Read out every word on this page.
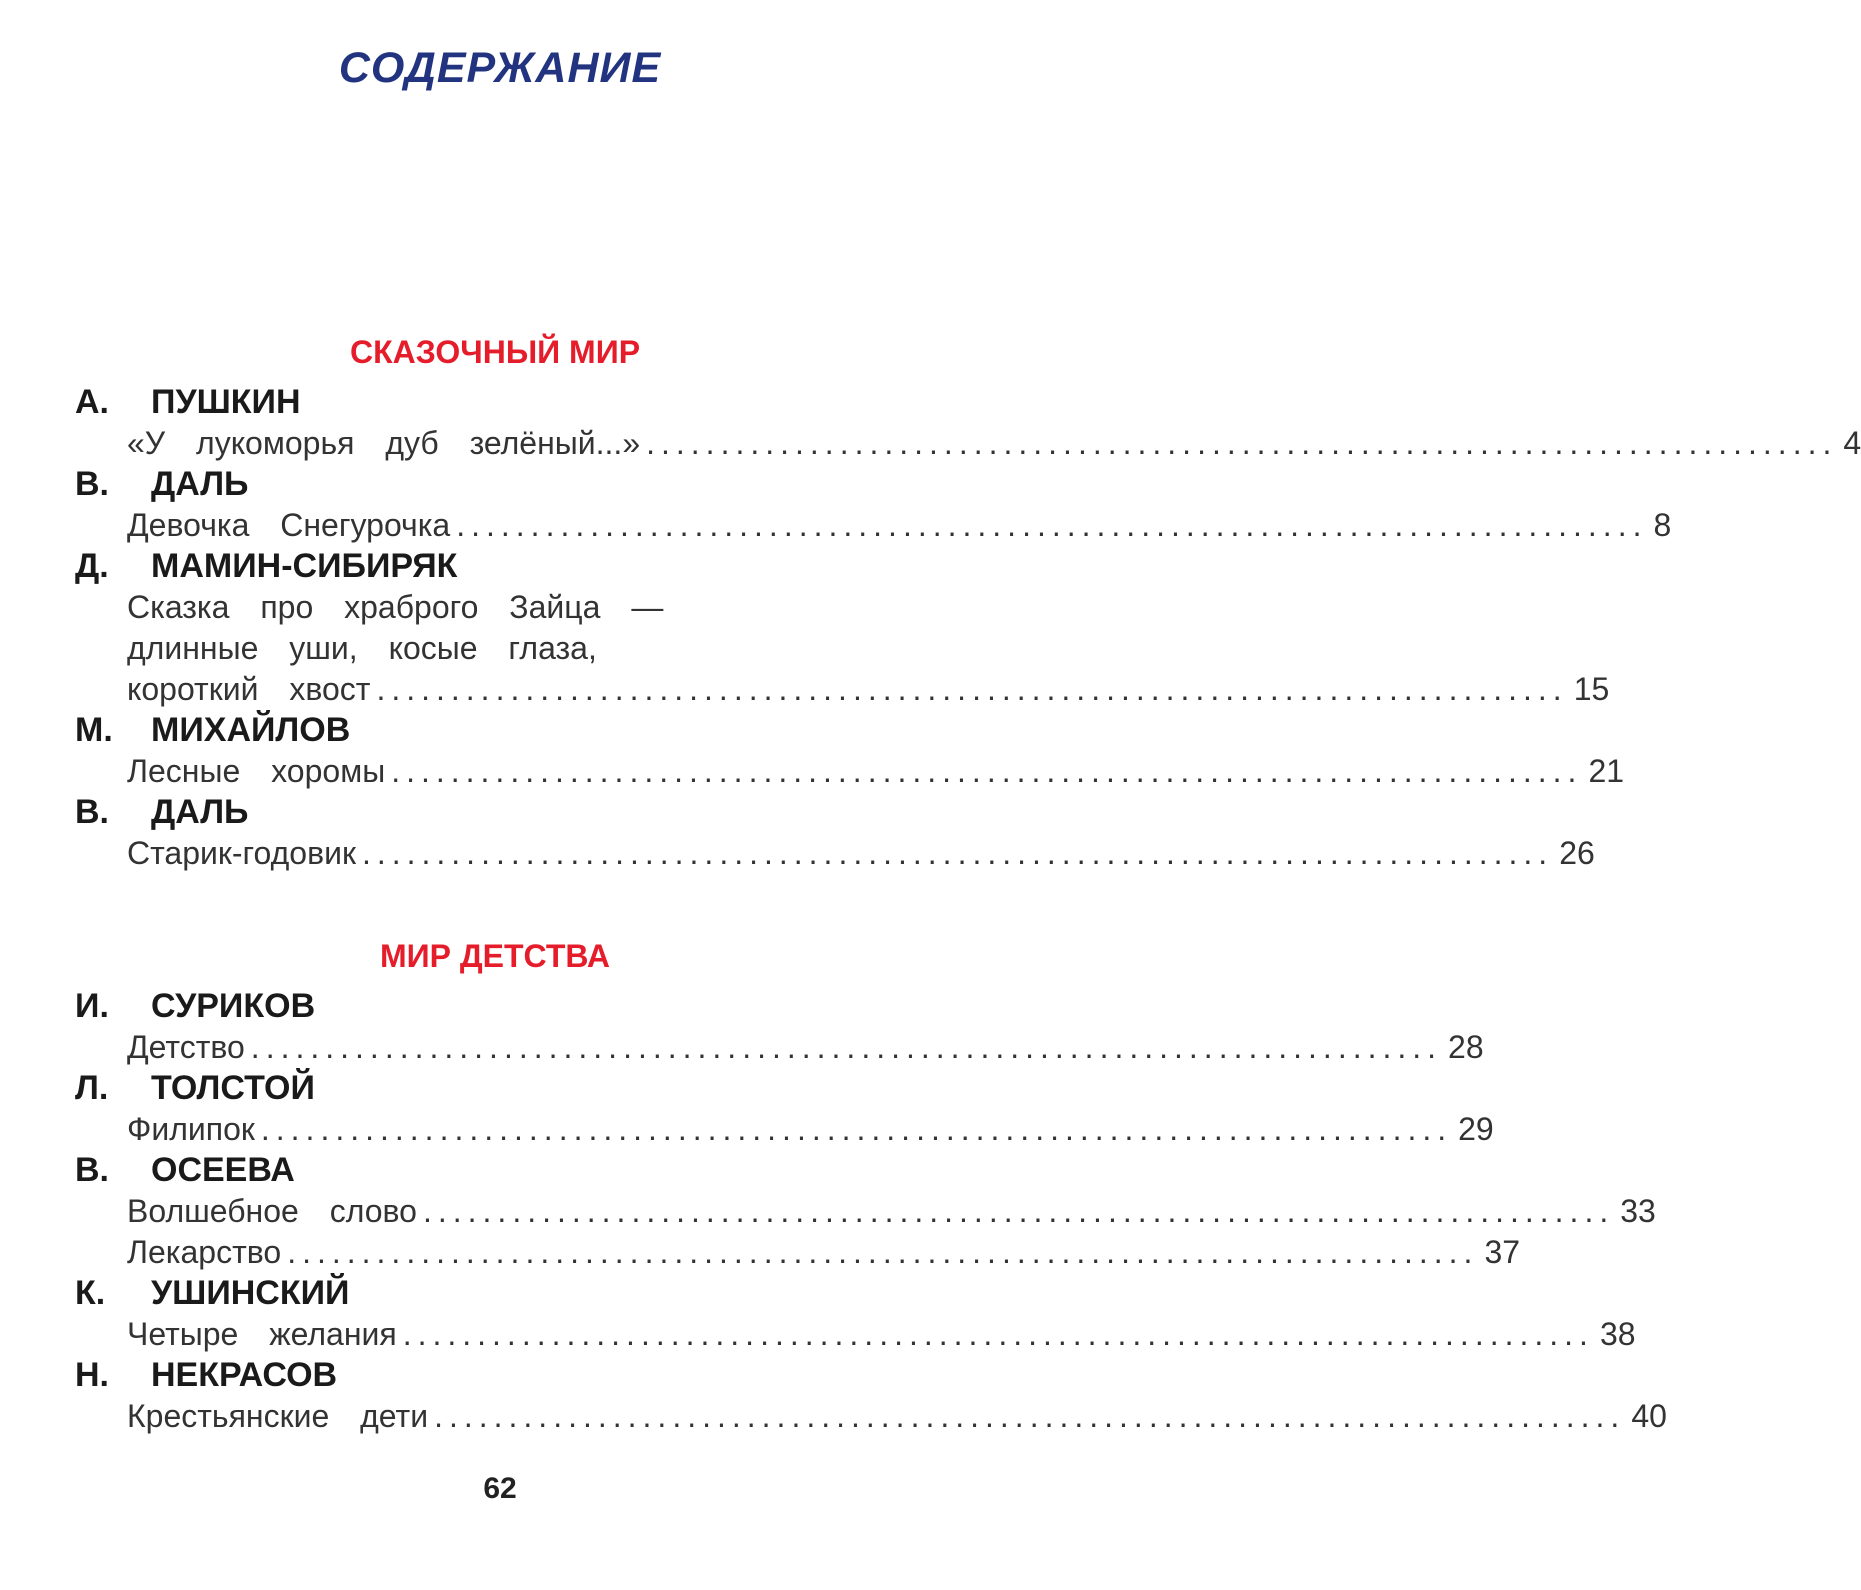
СОДЕРЖАНИЕ
СКАЗОЧНЫЙ МИР
А. ПУШКИН
«У лукоморья дуб зелёный...» ................................................................................ 4
В. ДАЛЬ
Девочка Снегурочка ................................................................................ 8
Д. МАМИН-СИБИРЯК
Сказка про храброго Зайца —
длинные уши, косые глаза,
короткий хвост ................................................................................ 15
М. МИХАЙЛОВ
Лесные хоромы ................................................................................ 21
В. ДАЛЬ
Старик-годовик ................................................................................ 26
МИР ДЕТСТВА
И. СУРИКОВ
Детство ................................................................................ 28
Л. ТОЛСТОЙ
Филипок ................................................................................ 29
В. ОСЕЕВА
Волшебное слово ................................................................................ 33
Лекарство ................................................................................ 37
К. УШИНСКИЙ
Четыре желания ................................................................................ 38
Н. НЕКРАСОВ
Крестьянские дети ................................................................................ 40
62
